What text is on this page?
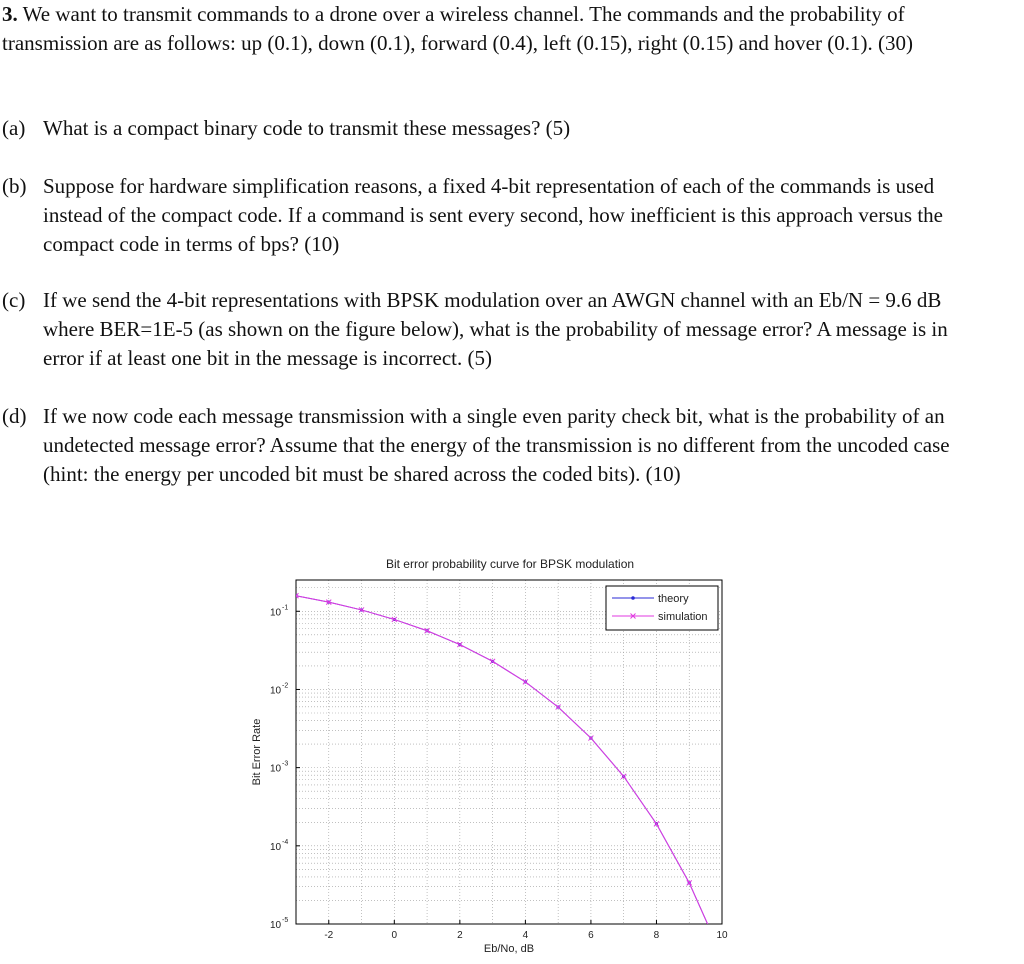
3. We want to transmit commands to a drone over a wireless channel. The commands and the probability of transmission are as follows: up (0.1), down (0.1), forward (0.4), left (0.15), right (0.15) and hover (0.1). (30)

(a) What is a compact binary code to transmit these messages? (5)
(b) Suppose for hardware simplification reasons, a fixed 4-bit representation of each of the commands is used instead of the compact code. If a command is sent every second, how inefficient is this approach versus the compact code in terms of bps? (10)
(c) If we send the 4-bit representations with BPSK modulation over an AWGN channel with an Eb/N = 9.6 dB where BER=1E-5 (as shown on the figure below), what is the probability of message error? A message is in error if at least one bit in the message is incorrect. (5)
(d) If we now code each message transmission with a single even parity check bit, what is the probability of an undetected message error? Assume that the energy of the transmission is no different from the uncoded case (hint: the energy per uncoded bit must be shared across the coded bits). (10)
Bit error probability curve for BPSK modulation
-2	0	2	4	6	8	10
10 -1
10 -2
10 -3
10 -4
10 -5
theory
simulation
Eb/No, dB
Bit Error Rate
